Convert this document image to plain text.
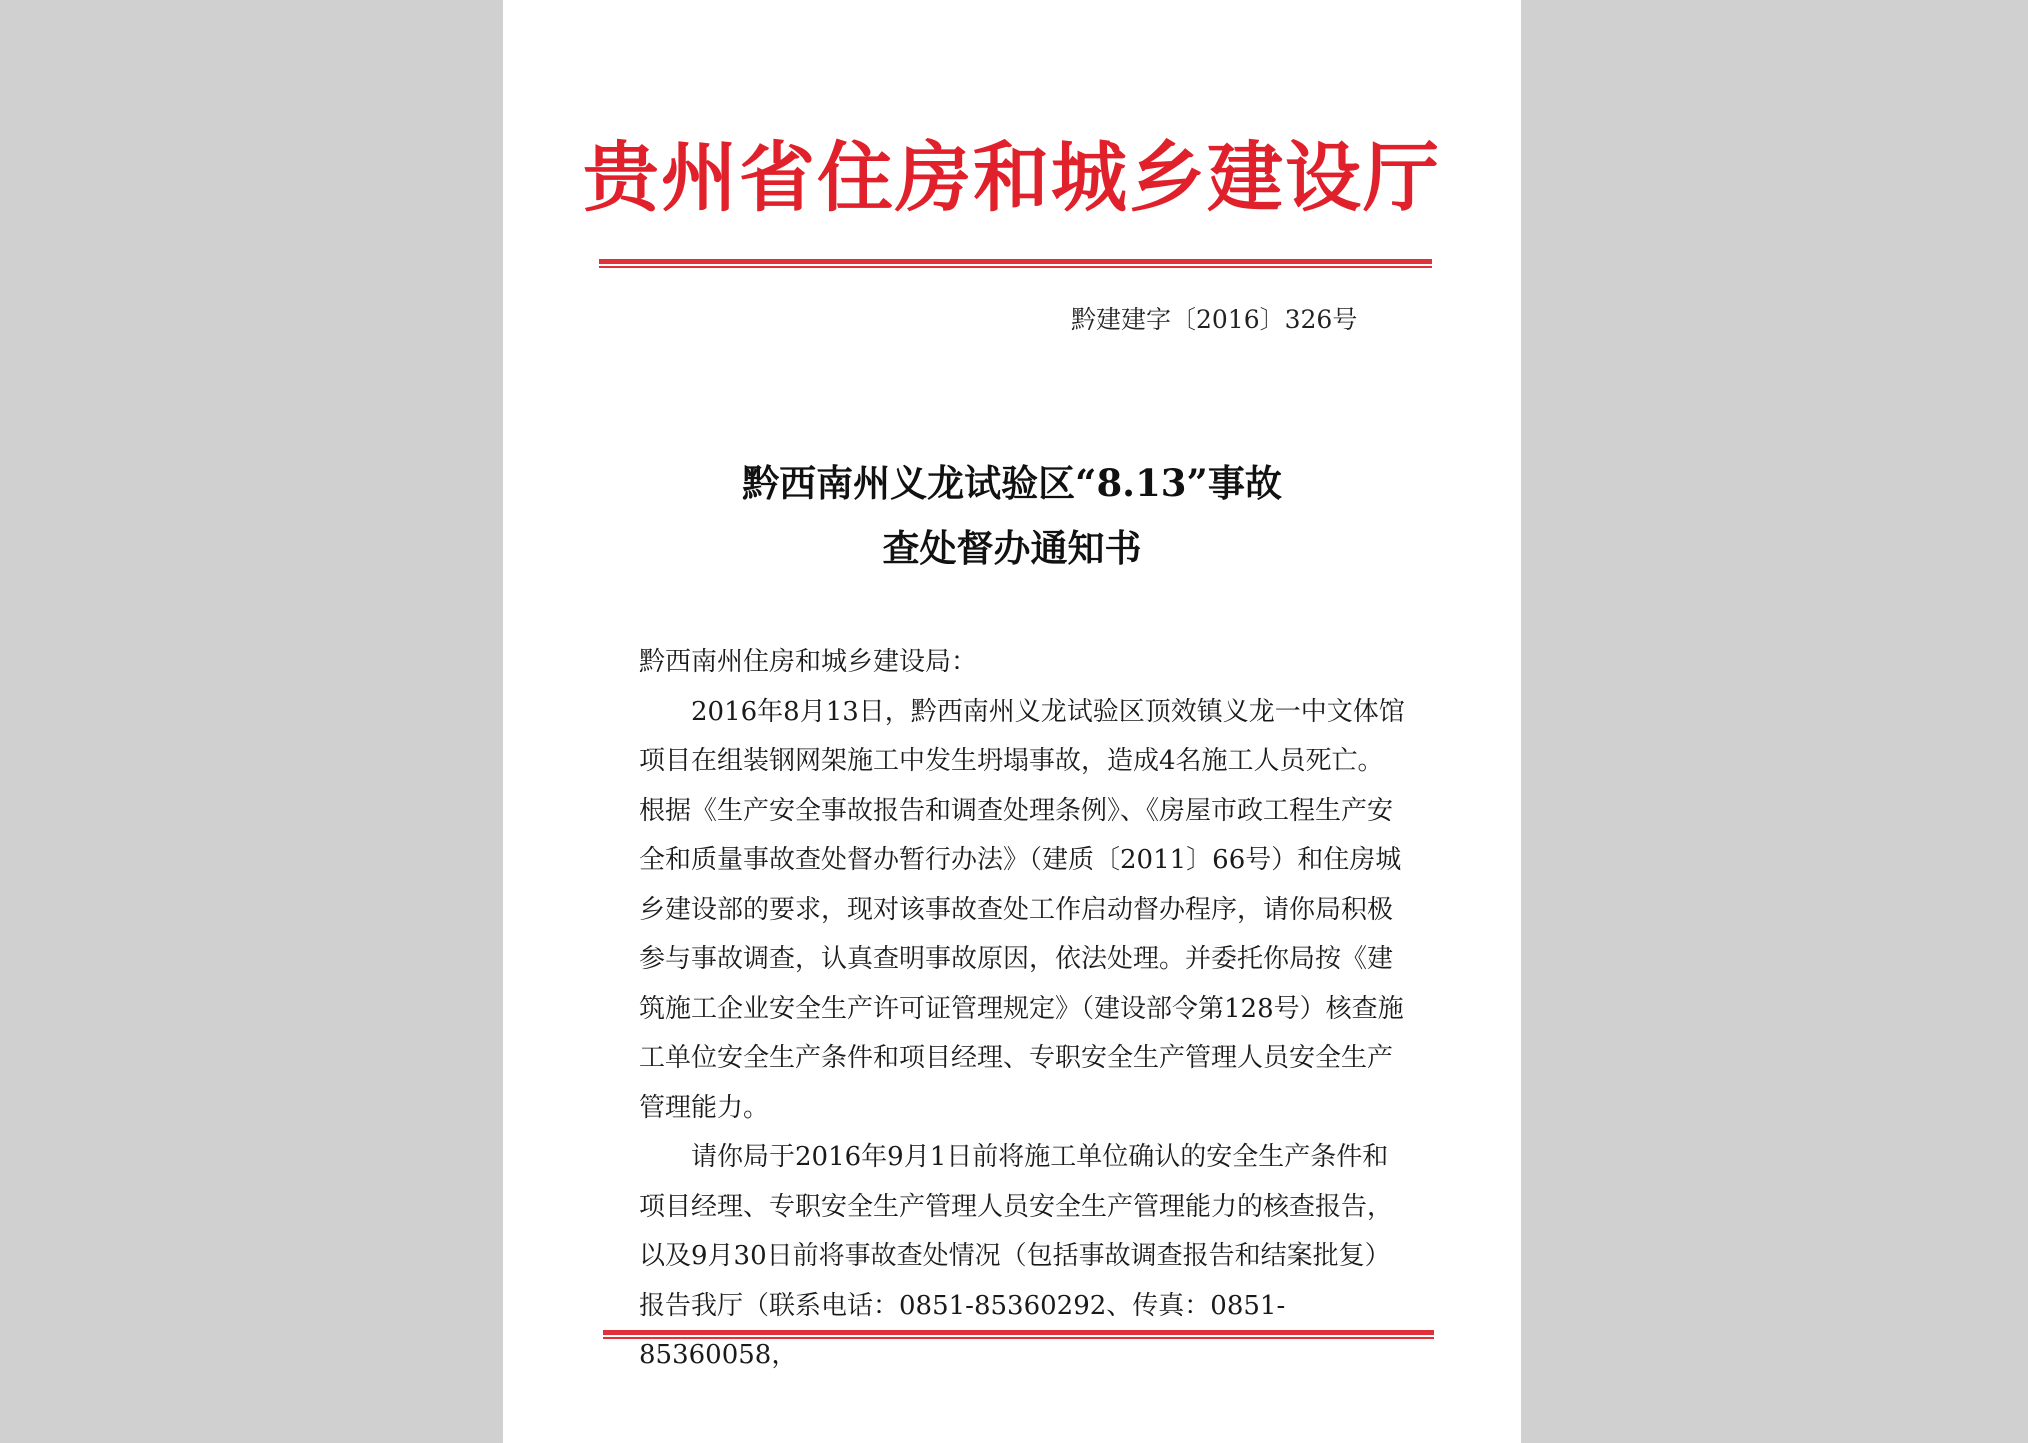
贵州省住房和城乡建设厅
黔建建字〔2016〕326号
黔西南州义龙试验区“8.13”事故
查处督办通知书

黔西南州住房和城乡建设局：

2016年8月13日，黔西南州义龙试验区顶效镇义龙一中文体馆项目在组装钢网架施工中发生坍塌事故，造成4名施工人员死亡。根据《生产安全事故报告和调查处理条例》、《房屋市政工程生产安全和质量事故查处督办暂行办法》（建质〔2011〕66号）和住房城乡建设部的要求，现对该事故查处工作启动督办程序，请你局积极参与事故调查，认真查明事故原因，依法处理。并委托你局按《建筑施工企业安全生产许可证管理规定》（建设部令第128号）核查施工单位安全生产条件和项目经理、专职安全生产管理人员安全生产管理能力。

请你局于2016年9月1日前将施工单位确认的安全生产条件和项目经理、专职安全生产管理人员安全生产管理能力的核查报告，以及9月30日前将事故查处情况（包括事故调查报告和结案批复）报告我厅（联系电话：0851-85360292、传真：0851-85360058，
